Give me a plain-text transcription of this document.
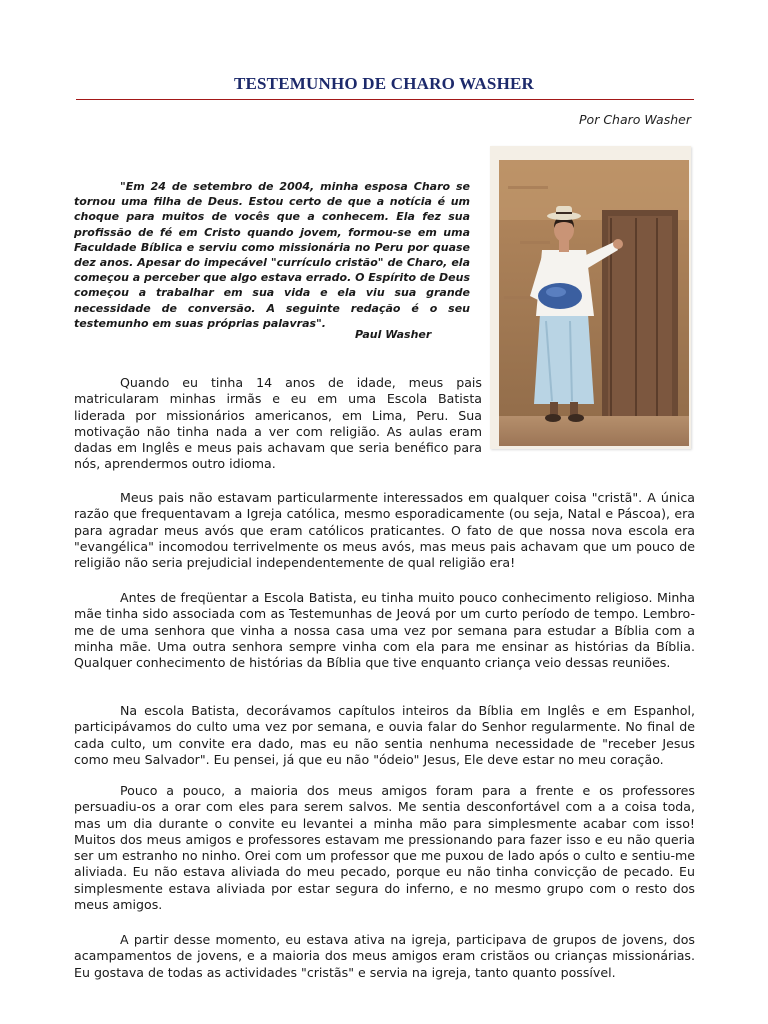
TESTEMUNHO DE CHARO WASHER
Por Charo Washer

"Em 24 de setembro de 2004, minha esposa Charo se tornou uma filha de Deus. Estou certo de que a notícia é um choque para muitos de vocês que a conhecem. Ela fez sua profissão de fé em Cristo quando jovem, formou-se em uma Faculdade Bíblica e serviu como missionária no Peru por quase dez anos. Apesar do impecável "currículo cristão" de Charo, ela começou a perceber que algo estava errado. O Espírito de Deus começou a trabalhar em sua vida e ela viu sua grande necessidade de conversão. A seguinte redação é o seu testemunho em suas próprias palavras".

Paul Washer

Quando eu tinha 14 anos de idade, meus pais matricularam minhas irmãs e eu em uma Escola Batista liderada por missionários americanos, em Lima, Peru. Sua motivação não tinha nada a ver com religião. As aulas eram dadas em Inglês e meus pais achavam que seria benéfico para nós, aprendermos outro idioma.

Meus pais não estavam particularmente interessados em qualquer coisa "cristã". A única razão que frequentavam a Igreja católica, mesmo esporadicamente (ou seja, Natal e Páscoa), era para agradar meus avós que eram católicos praticantes. O fato de que nossa nova escola era "evangélica" incomodou terrivelmente os meus avós, mas meus pais achavam que um pouco de religião não seria prejudicial independentemente de qual religião era!

Antes de freqüentar a Escola Batista, eu tinha muito pouco conhecimento religioso. Minha mãe tinha sido associada com as Testemunhas de Jeová por um curto período de tempo. Lembro-me de uma senhora que vinha a nossa casa uma vez por semana para estudar a Bíblia com a minha mãe. Uma outra senhora sempre vinha com ela para me ensinar as histórias da Bíblia. Qualquer conhecimento de histórias da Bíblia que tive enquanto criança veio dessas reuniões.

Na escola Batista, decorávamos capítulos inteiros da Bíblia em Inglês e em Espanhol, participávamos do culto uma vez por semana, e ouvia falar do Senhor regularmente. No final de cada culto, um convite era dado, mas eu não sentia nenhuma necessidade de "receber Jesus como meu Salvador". Eu pensei, já que eu não "ódeio" Jesus, Ele deve estar no meu coração.

Pouco a pouco, a maioria dos meus amigos foram para a frente e os professores persuadiu-os a orar com eles para serem salvos. Me sentia desconfortável com a a coisa toda, mas um dia durante o convite eu levantei a minha mão para simplesmente acabar com isso! Muitos dos meus amigos e professores estavam me pressionando para fazer isso e eu não queria ser um estranho no ninho. Orei com um professor que me puxou de lado após o culto e sentiu-me aliviada. Eu não estava aliviada do meu pecado, porque eu não tinha convicção de pecado. Eu simplesmente estava aliviada por estar segura do inferno, e no mesmo grupo com o resto dos meus amigos.

A partir desse momento, eu estava ativa na igreja, participava de grupos de jovens, dos acampamentos de jovens, e a maioria dos meus amigos eram cristãos ou crianças missionárias. Eu gostava de todas as actividades "cristãs" e servia na igreja, tanto quanto possível.
